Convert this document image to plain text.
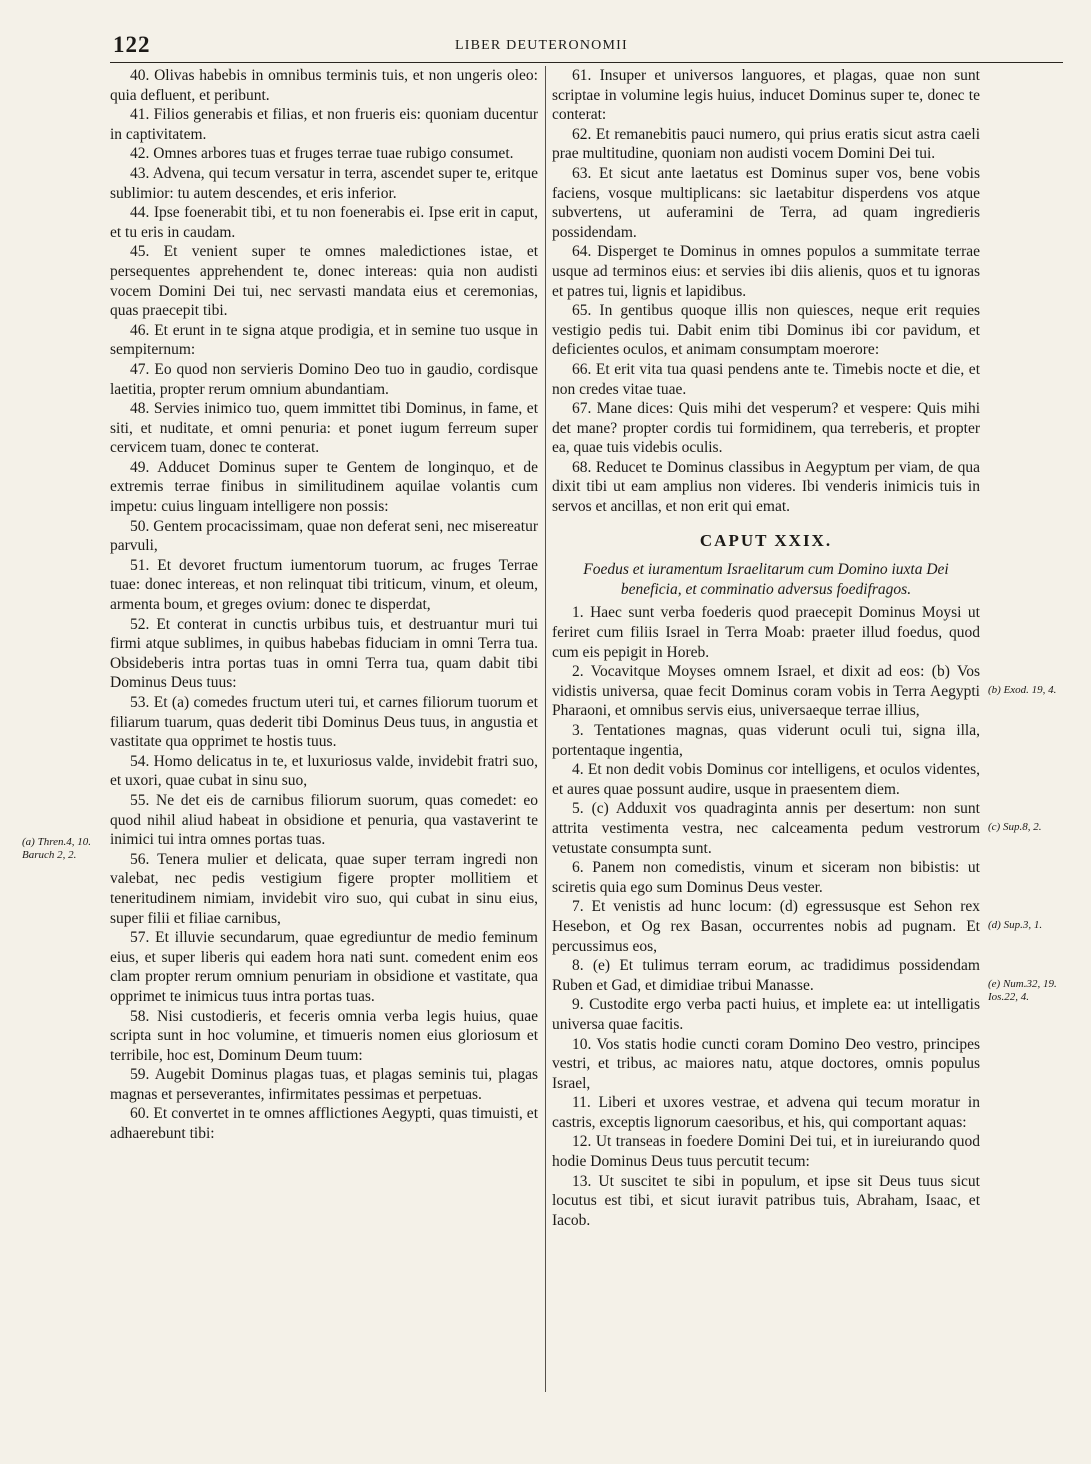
122	LIBER DEUTERONOMII

40. Olivas habebis in omnibus terminis tuis, et non ungeris oleo: quia defluent, et peribunt.

41. Filios generabis et filias, et non frueris eis: quoniam ducentur in captivitatem.

42. Omnes arbores tuas et fruges terrae tuae rubigo consumet.

43. Advena, qui tecum versatur in terra, ascendet super te, eritque sublimior: tu autem descendes, et eris inferior.

44. Ipse foenerabit tibi, et tu non foenerabis ei. Ipse erit in caput, et tu eris in caudam.

45. Et venient super te omnes maledictiones istae, et persequentes apprehendent te, donec intereas: quia non audisti vocem Domini Dei tui, nec servasti mandata eius et ceremonias, quas praecepit tibi.

46. Et erunt in te signa atque prodigia, et in semine tuo usque in sempiternum:

47. Eo quod non servieris Domino Deo tuo in gaudio, cordisque laetitia, propter rerum omnium abundantiam.

48. Servies inimico tuo, quem immittet tibi Dominus, in fame, et siti, et nuditate, et omni penuria: et ponet iugum ferreum super cervicem tuam, donec te conterat.

49. Adducet Dominus super te Gentem de longinquo, et de extremis terrae finibus in similitudinem aquilae volantis cum impetu: cuius linguam intelligere non possis:

50. Gentem procacissimam, quae non deferat seni, nec misereatur parvuli,

51. Et devoret fructum iumentorum tuorum, ac fruges Terrae tuae: donec intereas, et non relinquat tibi triticum, vinum, et oleum, armenta boum, et greges ovium: donec te disperdat,

52. Et conterat in cunctis urbibus tuis, et destruantur muri tui firmi atque sublimes, in quibus habebas fiduciam in omni Terra tua. Obsideberis intra portas tuas in omni Terra tua, quam dabit tibi Dominus Deus tuus:

53. Et (a) comedes fructum uteri tui, et carnes filiorum tuorum et filiarum tuarum, quas dederit tibi Dominus Deus tuus, in angustia et vastitate qua opprimet te hostis tuus.

54. Homo delicatus in te, et luxuriosus valde, invidebit fratri suo, et uxori, quae cubat in sinu suo,

55. Ne det eis de carnibus filiorum suorum, quas comedet: eo quod nihil aliud habeat in obsidione et penuria, qua vastaverint te inimici tui intra omnes portas tuas.

56. Tenera mulier et delicata, quae super terram ingredi non valebat, nec pedis vestigium figere propter mollitiem et teneritudinem nimiam, invidebit viro suo, qui cubat in sinu eius, super filii et filiae carnibus,

57. Et illuvie secundarum, quae egrediuntur de medio feminum eius, et super liberis qui eadem hora nati sunt. comedent enim eos clam propter rerum omnium penuriam in obsidione et vastitate, qua opprimet te inimicus tuus intra portas tuas.

58. Nisi custodieris, et feceris omnia verba legis huius, quae scripta sunt in hoc volumine, et timueris nomen eius gloriosum et terribile, hoc est, Dominum Deum tuum:

59. Augebit Dominus plagas tuas, et plagas seminis tui, plagas magnas et perseverantes, infirmitates pessimas et perpetuas.

60. Et convertet in te omnes afflictiones Aegypti, quas timuisti, et adhaerebunt tibi:

61. Insuper et universos languores, et plagas, quae non sunt scriptae in volumine legis huius, inducet Dominus super te, donec te conterat:

62. Et remanebitis pauci numero, qui prius eratis sicut astra caeli prae multitudine, quoniam non audisti vocem Domini Dei tui.

63. Et sicut ante laetatus est Dominus super vos, bene vobis faciens, vosque multiplicans: sic laetabitur disperdens vos atque subvertens, ut auferamini de Terra, ad quam ingredieris possidendam.

64. Disperget te Dominus in omnes populos a summitate terrae usque ad terminos eius: et servies ibi diis alienis, quos et tu ignoras et patres tui, lignis et lapidibus.

65. In gentibus quoque illis non quiesces, neque erit requies vestigio pedis tui. Dabit enim tibi Dominus ibi cor pavidum, et deficientes oculos, et animam consumptam moerore:

66. Et erit vita tua quasi pendens ante te. Timebis nocte et die, et non credes vitae tuae.

67. Mane dices: Quis mihi det vesperum? et vespere: Quis mihi det mane? propter cordis tui formidinem, qua terreberis, et propter ea, quae tuis videbis oculis.

68. Reducet te Dominus classibus in Aegyptum per viam, de qua dixit tibi ut eam amplius non videres. Ibi venderis inimicis tuis in servos et ancillas, et non erit qui emat.

CAPUT XXIX.

Foedus et iuramentum Israelitarum cum Domino iuxta Dei beneficia, et comminatio adversus foedifragos.

1. Haec sunt verba foederis quod praecepit Dominus Moysi ut feriret cum filiis Israel in Terra Moab: praeter illud foedus, quod cum eis pepigit in Horeb.

2. Vocavitque Moyses omnem Israel, et dixit ad eos: (b) Vos vidistis universa, quae fecit Dominus coram vobis in Terra Aegypti Pharaoni, et omnibus servis eius, universaeque terrae illius,

3. Tentationes magnas, quas viderunt oculi tui, signa illa, portentaque ingentia,

4. Et non dedit vobis Dominus cor intelligens, et oculos videntes, et aures quae possunt audire, usque in praesentem diem.

5. (c) Adduxit vos quadraginta annis per desertum: non sunt attrita vestimenta vestra, nec calceamenta pedum vestrorum vetustate consumpta sunt.

6. Panem non comedistis, vinum et siceram non bibistis: ut sciretis quia ego sum Dominus Deus vester.

7. Et venistis ad hunc locum: (d) egressusque est Sehon rex Hesebon, et Og rex Basan, occurrentes nobis ad pugnam. Et percussimus eos,

8. (e) Et tulimus terram eorum, ac tradidimus possidendam Ruben et Gad, et dimidiae tribui Manasse.

9. Custodite ergo verba pacti huius, et implete ea: ut intelligatis universa quae facitis.

10. Vos statis hodie cuncti coram Domino Deo vestro, principes vestri, et tribus, ac maiores natu, atque doctores, omnis populus Israel,

11. Liberi et uxores vestrae, et advena qui tecum moratur in castris, exceptis lignorum caesoribus, et his, qui comportant aquas:

12. Ut transeas in foedere Domini Dei tui, et in iureiurando quod hodie Dominus Deus tuus percutit tecum:

13. Ut suscitet te sibi in populum, et ipse sit Deus tuus sicut locutus est tibi, et sicut iuravit patribus tuis, Abraham, Isaac, et Iacob.

(a) Thren.4, 10. Baruch 2, 2.
(b) Exod. 19, 4.
(c) Sup.8, 2.
(d) Sup.3, 1.
(e) Num.32, 19. Ios.22, 4.
